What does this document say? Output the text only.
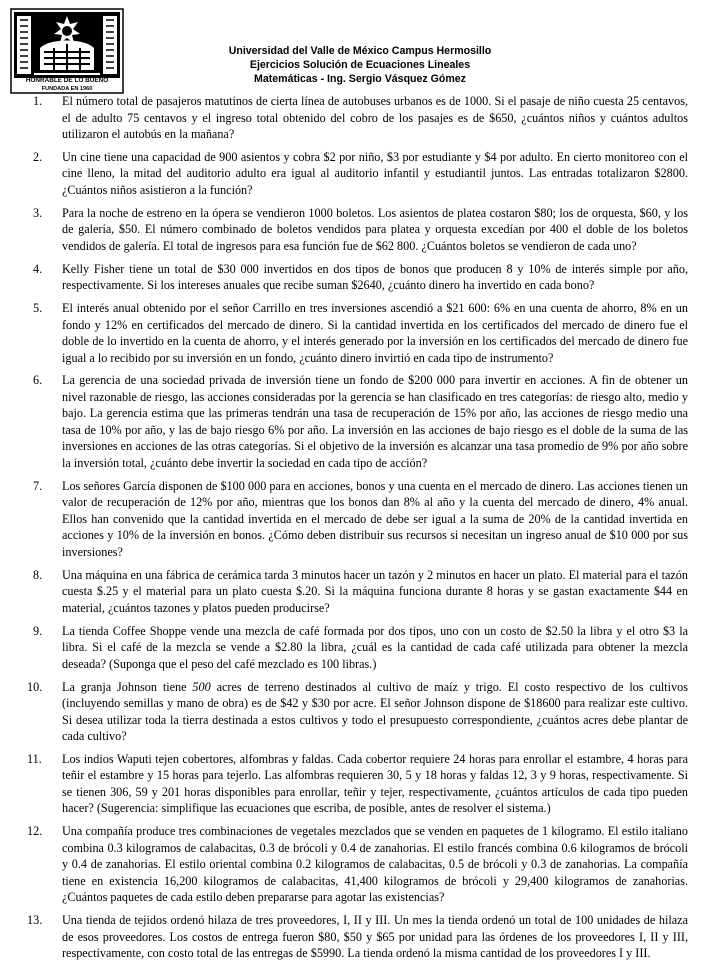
HONRABLE DE LO BUENO
FUNDADA EN 1960
Universidad del Valle de México Campus Hermosillo
Ejercicios Solución de Ecuaciones Lineales
Matemáticas - Ing. Sergio Vásquez Gómez
1. El número total de pasajeros matutinos de cierta línea de autobuses urbanos es de 1000. Si el pasaje de niño cuesta 25 centavos, el de adulto 75 centavos y el ingreso total obtenido del cobro de los pasajes es de $650, ¿cuántos niños y cuántos adultos utilizaron el autobús en la mañana?
2. Un cine tiene una capacidad de 900 asientos y cobra $2 por niño, $3 por estudiante y $4 por adulto. En cierto monitoreo con el cine lleno, la mitad del auditorio adulto era igual al auditorio infantil y estudiantil juntos. Las entradas totalizaron $2800. ¿Cuántos niños asistieron a la función?
3. Para la noche de estreno en la ópera se vendieron 1000 boletos. Los asientos de platea costaron $80; los de orquesta, $60, y los de galería, $50. El número combinado de boletos vendidos para platea y orquesta excedían por 400 el doble de los boletos vendidos de galería. El total de ingresos para esa función fue de $62 800. ¿Cuántos boletos se vendieron de cada uno?
4. Kelly Fisher tiene un total de $30 000 invertidos en dos tipos de bonos que producen 8 y 10% de interés simple por año, respectivamente. Si los intereses anuales que recibe suman $2640, ¿cuánto dinero ha invertido en cada bono?
5. El interés anual obtenido por el señor Carrillo en tres inversiones ascendió a $21 600: 6% en una cuenta de ahorro, 8% en un fondo y 12% en certificados del mercado de dinero. Si la cantidad invertida en los certificados del mercado de dinero fue el doble de lo invertido en la cuenta de ahorro, y el interés generado por la inversión en los certificados del mercado de dinero fue igual a lo recibido por su inversión en un fondo, ¿cuánto dinero invirtió en cada tipo de instrumento?
6. La gerencia de una sociedad privada de inversión tiene un fondo de $200 000 para invertir en acciones. A fin de obtener un nivel razonable de riesgo, las acciones consideradas por la gerencia se han clasificado en tres categorías: de riesgo alto, medio y bajo. La gerencia estima que las primeras tendrán una tasa de recuperación de 15% por año, las acciones de riesgo medio una tasa de 10% por año, y las de bajo riesgo 6% por año. La inversión en las acciones de bajo riesgo es el doble de la suma de las inversiones en acciones de las otras categorías. Si el objetivo de la inversión es alcanzar una tasa promedio de 9% por año sobre la inversión total, ¿cuánto debe invertir la sociedad en cada tipo de acción?
7. Los señores García disponen de $100 000 para en acciones, bonos y una cuenta en el mercado de dinero. Las acciones tienen un valor de recuperación de 12% por año, mientras que los bonos dan 8% al año y la cuenta del mercado de dinero, 4% anual. Ellos han convenido que la cantidad invertida en el mercado de debe ser igual a la suma de 20% de la cantidad invertida en acciones y 10% de la inversión en bonos. ¿Cómo deben distribuir sus recursos si necesitan un ingreso anual de $10 000 por sus inversiones?
8. Una máquina en una fábrica de cerámica tarda 3 minutos hacer un tazón y 2 minutos en hacer un plato. El material para el tazón cuesta $.25 y el material para un plato cuesta $.20. Si la máquina funciona durante 8 horas y se gastan exactamente $44 en material, ¿cuántos tazones y platos pueden producirse?
9. La tienda Coffee Shoppe vende una mezcla de café formada por dos tipos, uno con un costo de $2.50 la libra y el otro $3 la libra. Si el café de la mezcla se vende a $2.80 la libra, ¿cuál es la cantidad de cada café utilizada para obtener la mezcla deseada? (Suponga que el peso del café mezclado es 100 libras.)
10. La granja Johnson tiene 500 acres de terreno destinados al cultivo de maíz y trigo. El costo respectivo de los cultivos (incluyendo semillas y mano de obra) es de $42 y $30 por acre. El señor Johnson dispone de $18600 para realizar este cultivo. Si desea utilizar toda la tierra destinada a estos cultivos y todo el presupuesto correspondiente, ¿cuántos acres debe plantar de cada cultivo?
11. Los indios Waputi tejen cobertores, alfombras y faldas. Cada cobertor requiere 24 horas para enrollar el estambre, 4 horas para teñir el estambre y 15 horas para tejerlo. Las alfombras requieren 30, 5 y 18 horas y faldas 12, 3 y 9 horas, respectivamente. Si se tienen 306, 59 y 201 horas disponibles para enrollar, teñir y tejer, respectivamente, ¿cuántos artículos de cada tipo pueden hacer? (Sugerencia: simplifique las ecuaciones que escriba, de posible, antes de resolver el sistema.)
12. Una compañía produce tres combinaciones de vegetales mezclados que se venden en paquetes de 1 kilogramo. El estilo italiano combina 0.3 kilogramos de calabacitas, 0.3 de brócoli y 0.4 de zanahorias. El estilo francés combina 0.6 kilogramos de brócoli y 0.4 de zanahorias. El estilo oriental combina 0.2 kilogramos de calabacitas, 0.5 de brócoli y 0.3 de zanahorias. La compañía tiene en existencia 16,200 kilogramos de calabacitas, 41,400 kilogramos de brócoli y 29,400 kilogramos de zanahorias. ¿Cuántos paquetes de cada estilo deben prepararse para agotar las existencias?
13. Una tienda de tejidos ordenó hilaza de tres proveedores, I, II y III. Un mes la tienda ordenó un total de 100 unidades de hilaza de esos proveedores. Los costos de entrega fueron $80, $50 y $65 por unidad para las órdenes de los proveedores I, II y III, respectivamente, con costo total de las entregas de $5990. La tienda ordenó la misma cantidad de los proveedores I y III.
